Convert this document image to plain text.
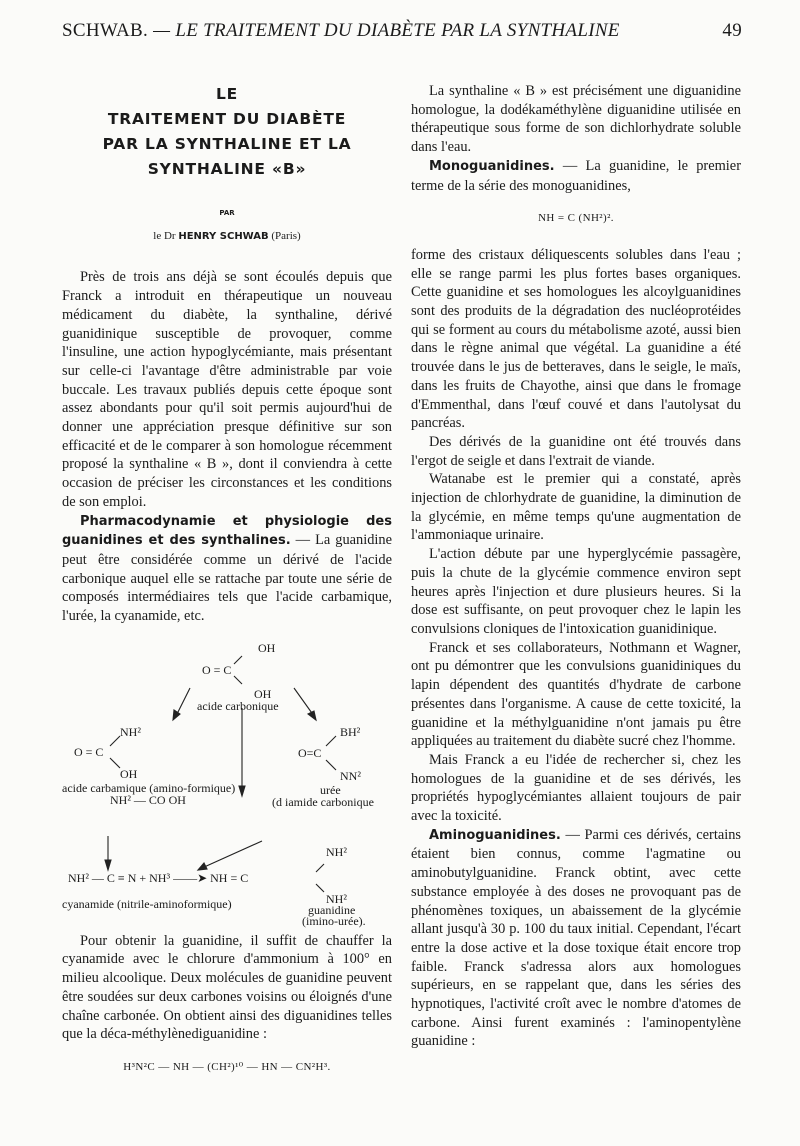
SCHWAB. — LE TRAITEMENT DU DIABÈTE PAR LA SYNTHALINE	49
LE
TRAITEMENT DU DIABÈTE
PAR LA SYNTHALINE ET LA
SYNTHALINE «B»
PAR
le Dr HENRY SCHWAB (Paris)

Près de trois ans déjà se sont écoulés depuis que Franck a introduit en thérapeutique un nouveau médicament du diabète, la synthaline, dérivé guanidinique susceptible de provoquer, comme l'insuline, une action hypoglycémiante, mais présentant sur celle-ci l'avantage d'être administrable par voie buccale. Les travaux publiés depuis cette époque sont assez abondants pour qu'il soit permis aujourd'hui de donner une appréciation presque définitive sur son efficacité et de le comparer à son homologue récemment proposé la synthaline « B », dont il conviendra à cette occasion de préciser les circonstances et les conditions de son emploi.

Pharmacodynamie et physiologie des guanidines et des synthalines. — La guanidine peut être considérée comme un dérivé de l'acide carbonique auquel elle se rattache par toute une série de composés intermédiaires tels que l'acide carbamique, l'urée, la cyanamide, etc.

OH
O = C
OH
acide carbonique
NH²
O = C
OH
acide carbamique (amino-formique)
NH² — CO OH
BH²
O=C
NN²
urée
(d iamide carbonique
NH²
NH² — C ≡ N + NH³ ——➤ NH = C
NH²
cyanamide (nitrile-aminoformique)	guanidine
(imino-urée).

Pour obtenir la guanidine, il suffit de chauffer la cyanamide avec le chlorure d'ammonium à 100° en milieu alcoolique. Deux molécules de guanidine peuvent être soudées sur deux carbones voisins ou éloignés d'une chaîne carbonée. On obtient ainsi des diguanidines telles que la déca-méthylènediguanidine :

H³N²C — NH — (CH²)¹⁰ — HN — CN²H³.

La synthaline « B » est précisément une diguanidine homologue, la dodékaméthylène diguanidine utilisée en thérapeutique sous forme de son dichlorhydrate soluble dans l'eau.

Monoguanidines. — La guanidine, le premier terme de la série des monoguanidines,

NH = C (NH²)².

forme des cristaux déliquescents solubles dans l'eau ; elle se range parmi les plus fortes bases organiques. Cette guanidine et ses homologues les alcoylguanidines sont des produits de la dégradation des nucléoprotéides qui se forment au cours du métabolisme azoté, aussi bien dans le règne animal que végétal. La guanidine a été trouvée dans le jus de betteraves, dans le seigle, le maïs, dans les fruits de Chayothe, ainsi que dans le fromage d'Emmenthal, dans l'œuf couvé et dans l'autolysat du pancréas.

Des dérivés de la guanidine ont été trouvés dans l'ergot de seigle et dans l'extrait de viande.

Watanabe est le premier qui a constaté, après injection de chlorhydrate de guanidine, la diminution de la glycémie, en même temps qu'une augmentation de l'ammoniaque urinaire.

L'action débute par une hyperglycémie passagère, puis la chute de la glycémie commence environ sept heures après l'injection et dure plusieurs heures. Si la dose est suffisante, on peut provoquer chez le lapin les convulsions cloniques de l'intoxication guanidinique.

Franck et ses collaborateurs, Nothmann et Wagner, ont pu démontrer que les convulsions guanidiniques du lapin dépendent des quantités d'hydrate de carbone présentes dans l'organisme. A cause de cette toxicité, la guanidine et la méthylguanidine n'ont jamais pu être appliquées au traitement du diabète sucré chez l'homme.

Mais Franck a eu l'idée de rechercher si, chez les homologues de la guanidine et de ses dérivés, les propriétés hypoglycémiantes allaient toujours de pair avec la toxicité.

Aminoguanidines. — Parmi ces dérivés, certains étaient bien connus, comme l'agmatine ou aminobutylguanidine. Franck obtint, avec cette substance employée à des doses ne provoquant pas de phénomènes toxiques, un abaissement de la glycémie allant jusqu'à 30 p. 100 du taux initial. Cependant, l'écart entre la dose active et la dose toxique était encore trop faible. Franck s'adressa alors aux homologues supérieurs, en se rappelant que, dans les séries des hypnotiques, l'activité croît avec le nombre d'atomes de carbone. Ainsi furent examinés : l'aminopentylène guanidine :
